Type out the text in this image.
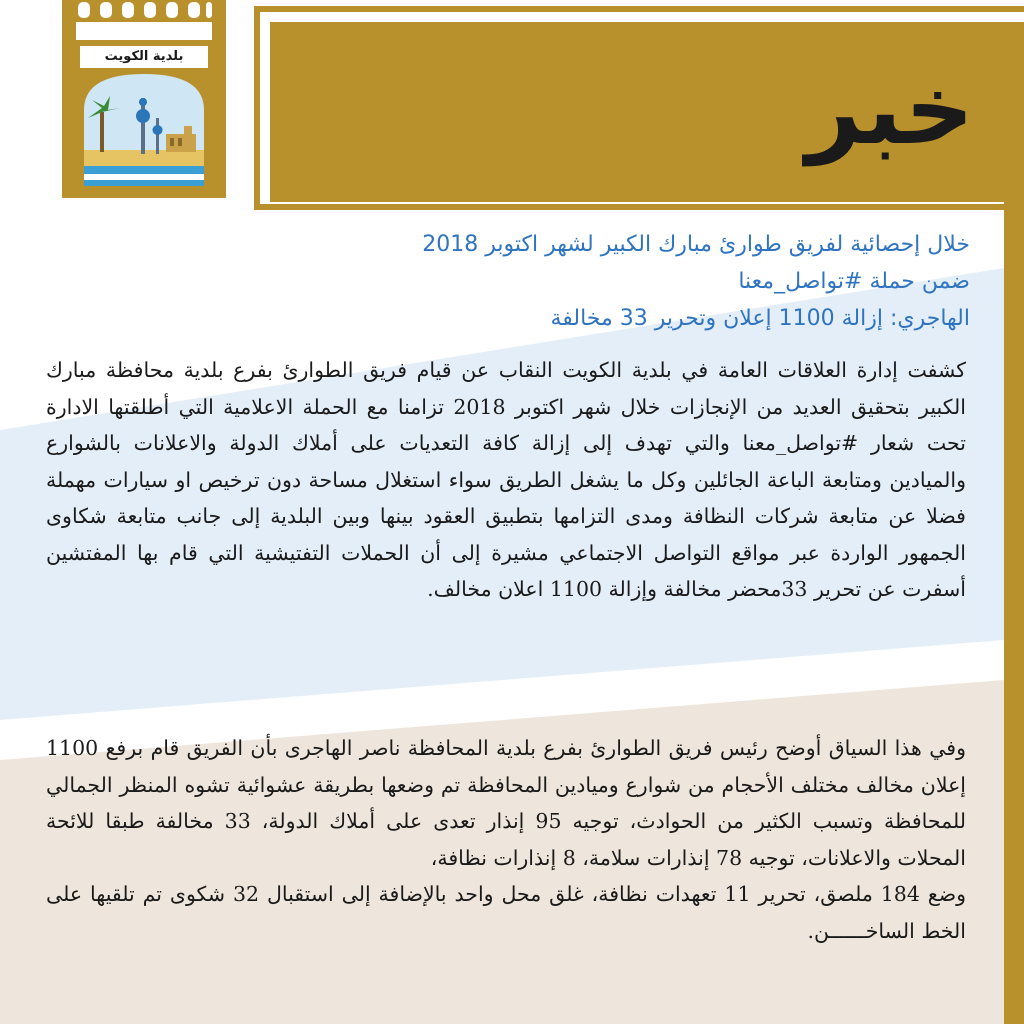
خبر
بلدية الكويت
خلال إحصائية لفريق طوارئ مبارك الكبير لشهر اكتوبر 2018
ضمن حملة #تواصل_معنا
الهاجري: إزالة 1100 إعلان وتحرير 33 مخالفة
كشفت إدارة العلاقات العامة في بلدية الكويت النقاب عن قيام فريق الطوارئ بفرع بلدية محافظة مبارك الكبير بتحقيق العديد من الإنجازات خلال شهر اكتوبر 2018 تزامنا مع الحملة الاعلامية التي أطلقتها الادارة تحت شعار #تواصل_معنا والتي تهدف إلى إزالة كافة التعديات على أملاك الدولة والاعلانات بالشوارع والميادين ومتابعة الباعة الجائلين وكل ما يشغل الطريق سواء استغلال مساحة دون ترخيص او سيارات مهملة فضلا عن متابعة شركات النظافة ومدى التزامها بتطبيق العقود بينها وبين البلدية إلى جانب متابعة شكاوى الجمهور الواردة عبر مواقع التواصل الاجتماعي مشيرة إلى أن الحملات التفتيشية التي قام بها المفتشين أسفرت عن تحرير 33محضر مخالفة وإزالة 1100 اعلان مخالف.
وفي هذا السياق أوضح رئيس فريق الطوارئ بفرع بلدية المحافظة ناصر الهاجرى بأن الفريق قام برفع 1100 إعلان مخالف مختلف الأحجام من شوارع وميادين المحافظة تم وضعها بطريقة عشوائية تشوه المنظر الجمالي للمحافظة وتسبب الكثير من الحوادث، توجيه 95 إنذار تعدى على أملاك الدولة، 33 مخالفة طبقا للائحة المحلات والاعلانات، توجيه 78 إنذارات سلامة، 8 إنذارات نظافة،
وضع 184 ملصق، تحرير 11 تعهدات نظافة، غلق محل واحد بالإضافة إلى استقبال 32 شكوى تم تلقيها على الخط الساخــــــن.
